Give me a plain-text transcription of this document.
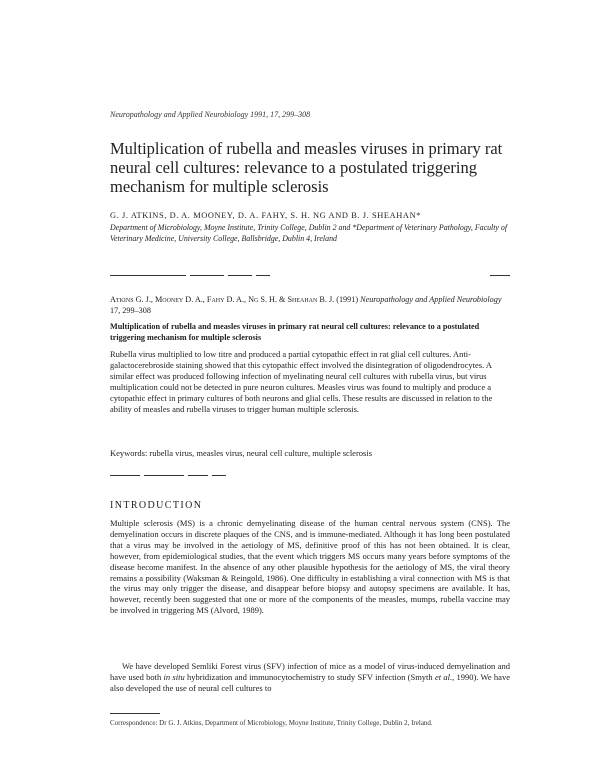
Neuropathology and Applied Neurobiology 1991, 17, 299–308
Multiplication of rubella and measles viruses in primary rat neural cell cultures: relevance to a postulated triggering mechanism for multiple sclerosis
G. J. ATKINS, D. A. MOONEY, D. A. FAHY, S. H. NG AND B. J. SHEAHAN*
Department of Microbiology, Moyne Institute, Trinity College, Dublin 2 and *Department of Veterinary Pathology, Faculty of Veterinary Medicine, University College, Ballsbridge, Dublin 4, Ireland
Atkins G. J., Mooney D. A., Fahy D. A., Ng S. H. & Sheahan B. J. (1991) Neuropathology and Applied Neurobiology 17, 299–308
Multiplication of rubella and measles viruses in primary rat neural cell cultures: relevance to a postulated triggering mechanism for multiple sclerosis
Rubella virus multiplied to low titre and produced a partial cytopathic effect in rat glial cell cultures. Anti-galactocerebroside staining showed that this cytopathic effect involved the disintegration of oligodendrocytes. A similar effect was produced following infection of myelinating neural cell cultures with rubella virus, but virus multiplication could not be detected in pure neuron cultures. Measles virus was found to multiply and produce a cytopathic effect in primary cultures of both neurons and glial cells. These results are discussed in relation to the ability of measles and rubella viruses to trigger human multiple sclerosis.
Keywords: rubella virus, measles virus, neural cell culture, multiple sclerosis
INTRODUCTION
Multiple sclerosis (MS) is a chronic demyelinating disease of the human central nervous system (CNS). The demyelination occurs in discrete plaques of the CNS, and is immune-mediated. Although it has long been postulated that a virus may be involved in the aetiology of MS, definitive proof of this has not been obtained. It is clear, however, from epidemiological studies, that the event which triggers MS occurs many years before symptoms of the disease become manifest. In the absence of any other plausible hypothesis for the aetiology of MS, the viral theory remains a possibility (Waksman & Reingold, 1986). One difficulty in establishing a viral connection with MS is that the virus may only trigger the disease, and disappear before biopsy and autopsy specimens are available. It has, however, recently been suggested that one or more of the components of the measles, mumps, rubella vaccine may be involved in triggering MS (Alvord, 1989).
We have developed Semliki Forest virus (SFV) infection of mice as a model of virus-induced demyelination and have used both in situ hybridization and immunocytochemistry to study SFV infection (Smyth et al., 1990). We have also developed the use of neural cell cultures to
Correspondence: Dr G. J. Atkins, Department of Microbiology, Moyne Institute, Trinity College, Dublin 2, Ireland.
